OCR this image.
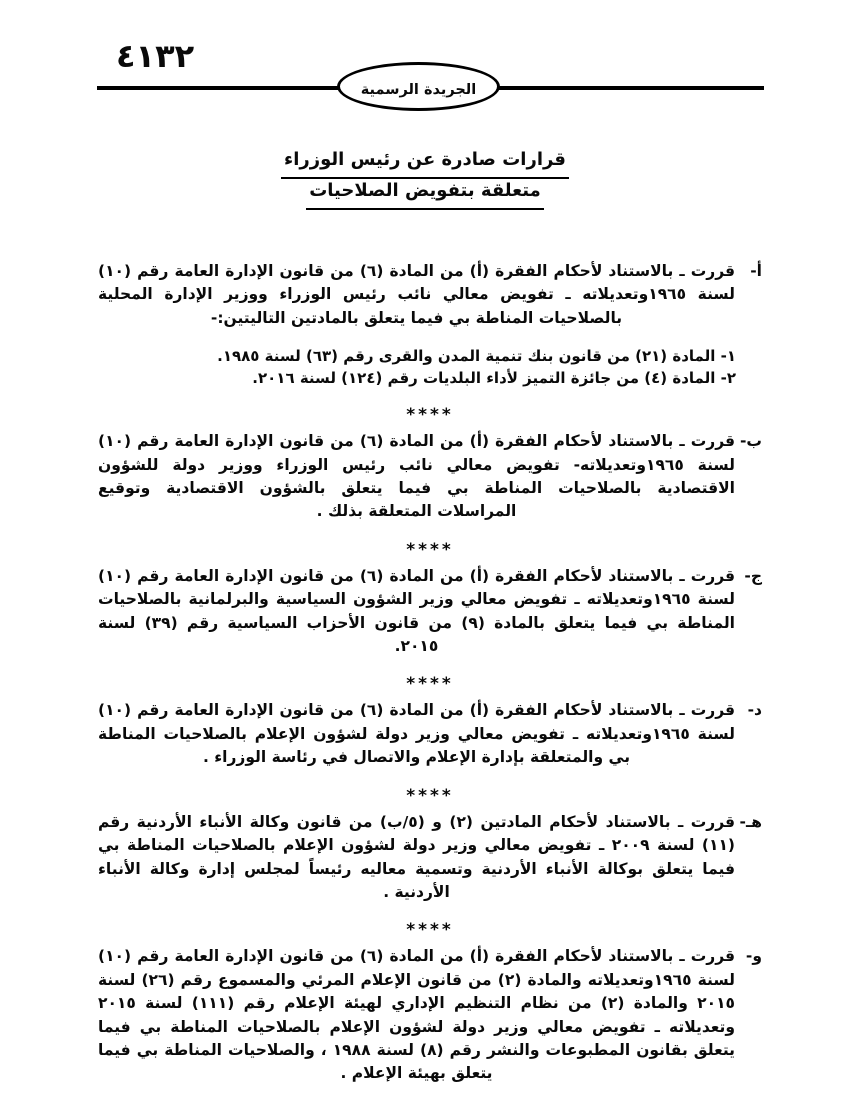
٤١٣٢
الجريدة الرسمية
قرارات صادرة عن رئيس الوزراء
متعلقة بتفويض الصلاحيات
أ-
قررت ـ بالاستناد لأحكام الفقرة (أ) من المادة (٦) من قانون الإدارة العامة رقم (١٠) لسنة ١٩٦٥وتعديلاته ـ تفويض معالي نائب رئيس الوزراء ووزير الإدارة المحلية بالصلاحيات المناطة بي فيما يتعلق بالمادتين التاليتين:-
١- المادة (٢١) من قانون بنك تنمية المدن والقرى رقم (٦٣) لسنة ١٩٨٥.
٢- المادة (٤) من جائزة التميز لأداء البلديات رقم (١٢٤) لسنة ٢٠١٦.
****
ب-
قررت ـ بالاستناد لأحكام الفقرة (أ) من المادة (٦) من قانون الإدارة العامة رقم (١٠) لسنة ١٩٦٥وتعديلاته- تفويض معالي نائب رئيس الوزراء ووزير دولة للشؤون الاقتصادية بالصلاحيات المناطة بي فيما يتعلق بالشؤون الاقتصادية وتوقيع المراسلات المتعلقة بذلك .
****
ج-
قررت ـ بالاستناد لأحكام الفقرة (أ) من المادة (٦) من قانون الإدارة العامة رقم (١٠) لسنة ١٩٦٥وتعديلاته ـ تفويض معالي وزير الشؤون السياسية والبرلمانية بالصلاحيات المناطة بي فيما يتعلق بالمادة (٩) من قانون الأحزاب السياسية رقم (٣٩) لسنة ٢٠١٥.
****
د-
قررت ـ بالاستناد لأحكام الفقرة (أ) من المادة (٦) من قانون الإدارة العامة رقم (١٠) لسنة ١٩٦٥وتعديلاته ـ تفويض معالي وزير دولة لشؤون الإعلام بالصلاحيات المناطة بي والمتعلقة بإدارة الإعلام والاتصال في رئاسة الوزراء .
****
هـ-
قررت ـ بالاستناد لأحكام المادتين (٢) و (٥/ب) من قانون وكالة الأنباء الأردنية رقم (١١) لسنة ٢٠٠٩ ـ تفويض معالي وزير دولة لشؤون الإعلام بالصلاحيات المناطة بي فيما يتعلق بوكالة الأنباء الأردنية وتسمية معاليه رئيساً لمجلس إدارة وكالة الأنباء الأردنية .
****
و-
قررت ـ بالاستناد لأحكام الفقرة (أ) من المادة (٦) من قانون الإدارة العامة رقم (١٠) لسنة ١٩٦٥وتعديلاته والمادة (٢) من قانون الإعلام المرئي والمسموع رقم (٢٦) لسنة ٢٠١٥ والمادة (٢) من نظام التنظيم الإداري لهيئة الإعلام رقم (١١١) لسنة ٢٠١٥ وتعديلاته ـ تفويض معالي وزير دولة لشؤون الإعلام بالصلاحيات المناطة بي فيما يتعلق بقانون المطبوعات والنشر رقم (٨) لسنة ١٩٨٨ ، والصلاحيات المناطة بي فيما يتعلق بهيئة الإعلام .
